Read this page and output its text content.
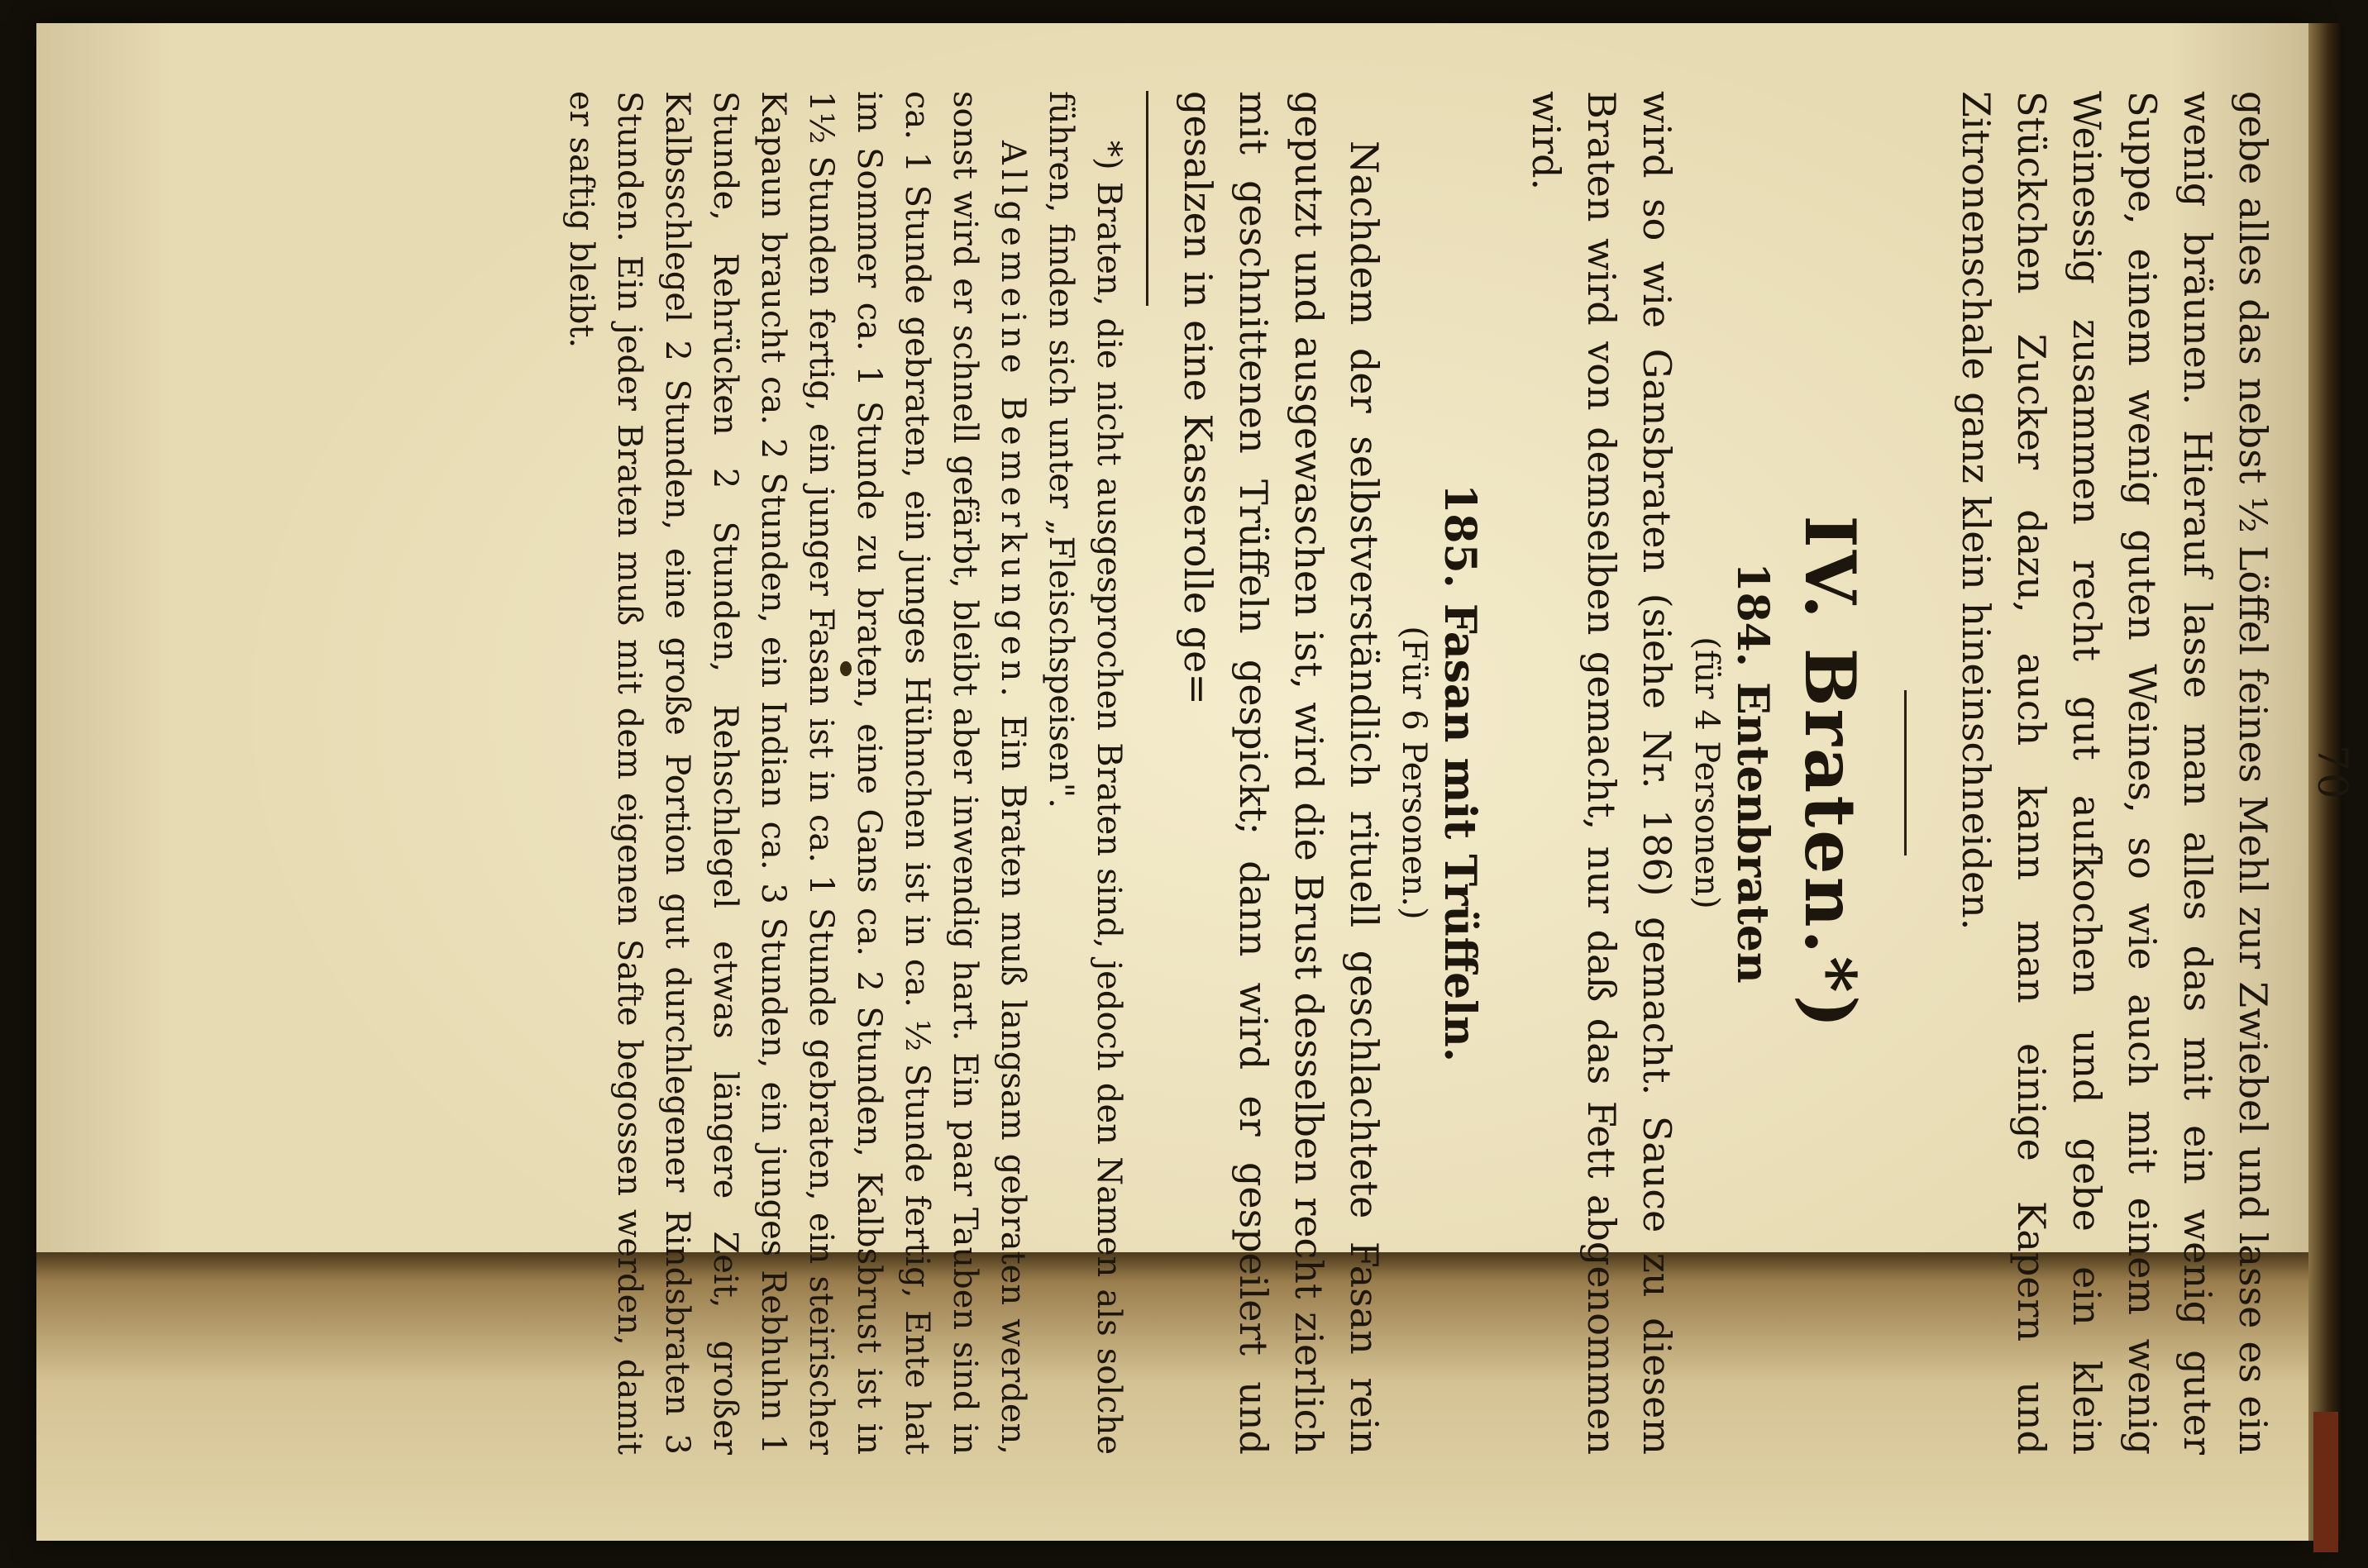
70

gebe alles das nebst ½ Löffel feines Mehl zur Zwiebel und lasse es ein wenig bräunen. Hierauf lasse man alles das mit ein wenig guter Suppe, einem wenig guten Weines, so wie auch mit einem wenig Weinessig zusammen recht gut aufkochen und gebe ein klein Stückchen Zucker dazu, auch kann man einige Kapern und Zitronenschale ganz klein hineinschneiden.

IV. Braten.*)

184. Entenbraten

(für 4 Personen)

wird so wie Gansbraten (siehe Nr. 186) gemacht. Sauce zu diesem Braten wird von demselben gemacht, nur daß das Fett abgenommen wird.

185. Fasan mit Trüffeln.

(Für 6 Personen.)

Nachdem der selbstverständlich rituell geschlachtete Fasan rein geputzt und ausgewaschen ist, wird die Brust desselben recht zierlich mit geschnittenen Trüffeln gespickt; dann wird er gespeilert und gesalzen in eine Kasserolle ge=

*) Braten, die nicht ausgesprochen Braten sind, jedoch den Namen als solche führen, finden sich unter „Fleischspeisen".

Allgemeine Bemerkungen. Ein Braten muß langsam gebraten werden, sonst wird er schnell gefärbt, bleibt aber inwendig hart. Ein paar Tauben sind in ca. 1 Stunde gebraten, ein junges Hühnchen ist in ca. ½ Stunde fertig, Ente hat im Sommer ca. 1 Stunde zu braten, eine Gans ca. 2 Stunden, Kalbsbrust ist in 1½ Stunden fertig, ein junger Fasan ist in ca. 1 Stunde gebraten, ein steirischer Kapaun braucht ca. 2 Stunden, ein Indian ca. 3 Stunden, ein junges Rebhuhn 1 Stunde, Rehrücken 2 Stunden, Rehschlegel etwas längere Zeit, großer Kalbsschlegel 2 Stunden, eine große Portion gut durchlegener Rindsbraten 3 Stunden. Ein jeder Braten muß mit dem eigenen Safte begossen werden, damit er saftig bleibt.
